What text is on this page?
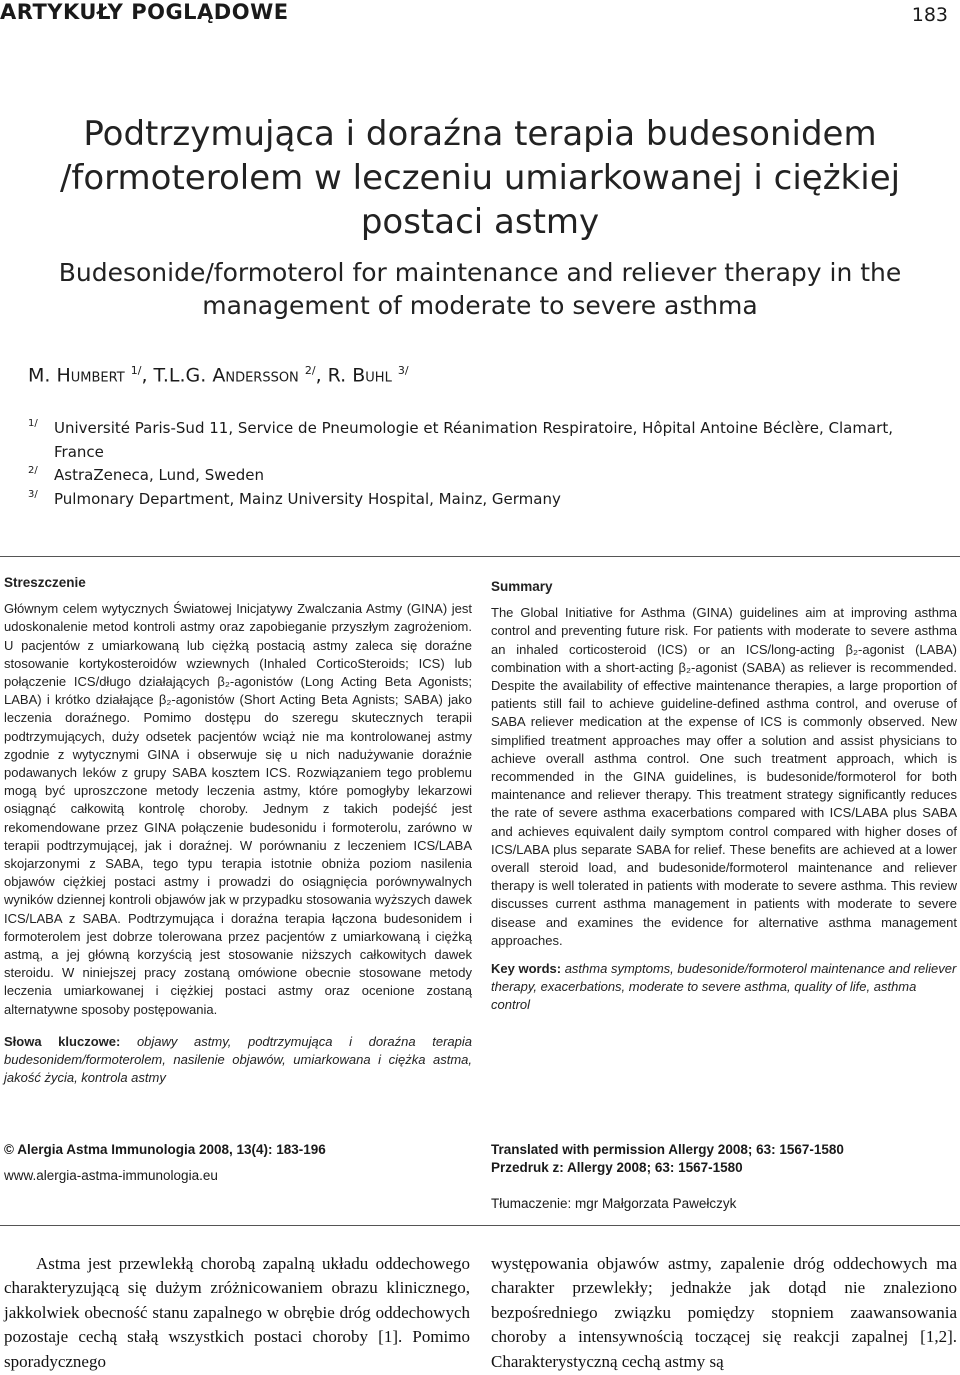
ARTYKUŁY POGLĄDOWE	183
Podtrzymująca i doraźna terapia budesonidem
/formoterolem w leczeniu umiarkowanej i ciężkiej
postaci astmy
Budesonide/formoterol for maintenance and reliever therapy in the
management of moderate to severe asthma
M. Humbert $^{1/}$, T.L.G. Andersson $^{2/}$, R. Buhl $^{3/}$
1/ Université Paris-Sud 11, Service de Pneumologie et Réanimation Respiratoire, Hôpital Antoine Béclère, Clamart,
France
2/ AstraZeneca, Lund, Sweden
3/ Pulmonary Department, Mainz University Hospital, Mainz, Germany

Streszczenie

Głównym celem wytycznych Światowej Inicjatywy Zwalczania Astmy (GINA) jest udoskonalenie metod kontroli astmy oraz zapobieganie przyszłym zagrożeniom. U pacjentów z umiarkowaną lub ciężką postacią astmy zaleca się doraźne stosowanie kortykosteroidów wziewnych (Inhaled CorticoSteroids; ICS) lub połączenie ICS/długo działających β₂-agonistów (Long Acting Beta Agonists; LABA) i krótko działające β₂-agonistów (Short Acting Beta Agnists; SABA) jako leczenia doraźnego. Pomimo dostępu do szeregu skutecznych terapii podtrzymujących, duży odsetek pacjentów wciąż nie ma kontrolowanej astmy zgodnie z wytycznymi GINA i obserwuje się u nich nadużywanie doraźnie podawanych leków z grupy SABA kosztem ICS. Rozwiązaniem tego problemu mogą być uproszczone metody leczenia astmy, które pomogłyby lekarzowi osiągnąć całkowitą kontrolę choroby. Jednym z takich podejść jest rekomendowane przez GINA połączenie budesonidu i formoterolu, zarówno w terapii podtrzymującej, jak i doraźnej. W porównaniu z leczeniem ICS/LABA skojarzonymi z SABA, tego typu terapia istotnie obniża poziom nasilenia objawów ciężkiej postaci astmy i prowadzi do osiągnięcia porównywalnych wyników dziennej kontroli objawów jak w przypadku stosowania wyższych dawek ICS/LABA z SABA. Podtrzymująca i doraźna terapia łączona budesonidem i formoterolem jest dobrze tolerowana przez pacjentów z umiarkowaną i ciężką astmą, a jej główną korzyścią jest stosowanie niższych całkowitych dawek steroidu. W niniejszej pracy zostaną omówione obecnie stosowane metody leczenia umiarkowanej i ciężkiej postaci astmy oraz ocenione zostaną alternatywne sposoby postępowania.

Słowa kluczowe: objawy astmy, podtrzymująca i doraźna terapia budesonidem/formoterolem, nasilenie objawów, umiarkowana i ciężka astma, jakość życia, kontrola astmy

Summary

The Global Initiative for Asthma (GINA) guidelines aim at improving asthma control and preventing future risk. For patients with moderate to severe asthma an inhaled corticosteroid (ICS) or an ICS/long-acting β₂-agonist (LABA) combination with a short-acting β₂-agonist (SABA) as reliever is recommended. Despite the availability of effective maintenance therapies, a large proportion of patients still fail to achieve guideline-defined asthma control, and overuse of SABA reliever medication at the expense of ICS is commonly observed. New simplified treatment approaches may offer a solution and assist physicians to achieve overall asthma control. One such treatment approach, which is recommended in the GINA guidelines, is budesonide/formoterol for both maintenance and reliever therapy. This treatment strategy significantly reduces the rate of severe asthma exacerbations compared with ICS/LABA plus SABA and achieves equivalent daily symptom control compared with higher doses of ICS/LABA plus separate SABA for relief. These benefits are achieved at a lower overall steroid load, and budesonide/formoterol maintenance and reliever therapy is well tolerated in patients with moderate to severe asthma. This review discusses current asthma management in patients with moderate to severe disease and examines the evidence for alternative asthma management approaches.

Key words: asthma symptoms, budesonide/formoterol maintenance and reliever therapy, exacerbations, moderate to severe asthma, quality of life, asthma control

© Alergia Astma Immunologia 2008, 13(4): 183-196
www.alergia-astma-immunologia.eu
Translated with permission Allergy 2008; 63: 1567-1580
Przedruk z: Allergy 2008; 63: 1567-1580
Tłumaczenie: mgr Małgorzata Pawełczyk
Astma jest przewlekłą chorobą zapalną układu oddechowego charakteryzującą się dużym zróżnicowaniem obrazu klinicznego, jakkolwiek obecność stanu zapalnego w obrębie dróg oddechowych pozostaje cechą stałą wszystkich postaci choroby [1]. Pomimo sporadycznego
występowania objawów astmy, zapalenie dróg oddechowych ma charakter przewlekły; jednakże jak dotąd nie znaleziono bezpośredniego związku pomiędzy stopniem zaawansowania choroby a intensywnością toczącej się reakcji zapalnej [1,2]. Charakterystyczną cechą astmy są
